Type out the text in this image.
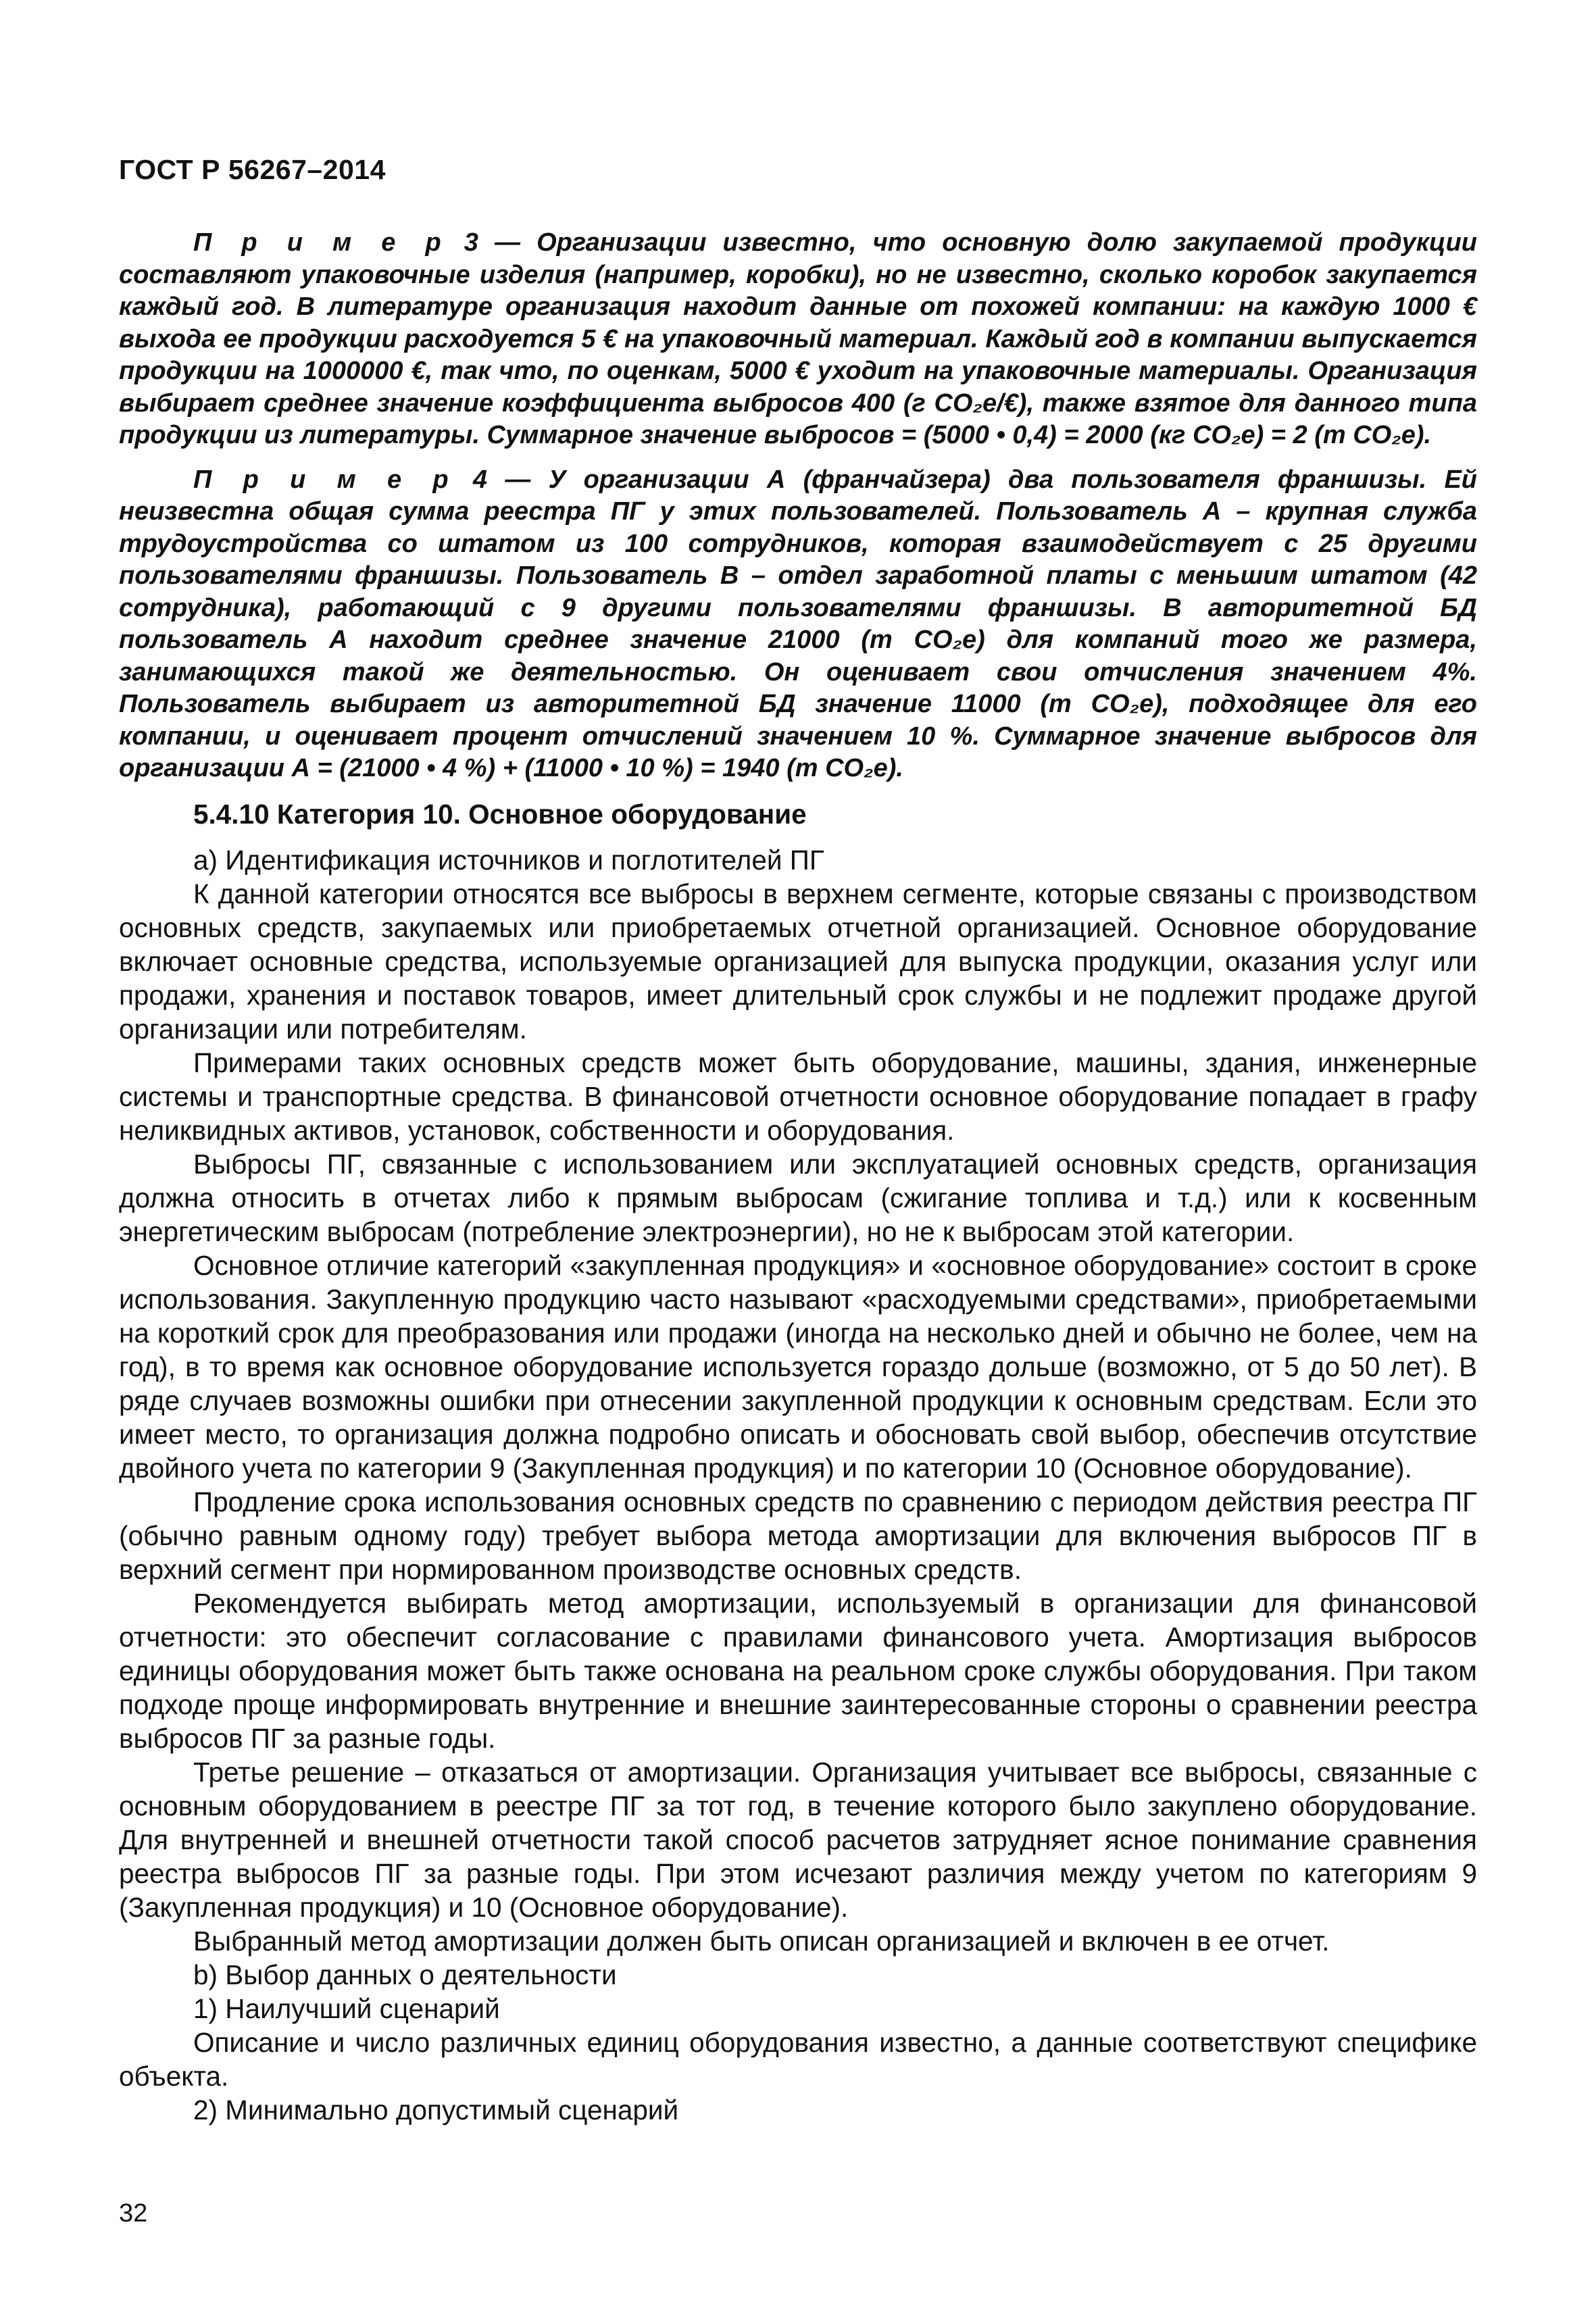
ГОСТ Р 56267–2014

П р и м е р 3 — Организации известно, что основную долю закупаемой продукции составляют упаковочные изделия (например, коробки), но не известно, сколько коробок закупается каждый год. В литературе организация находит данные от похожей компании: на каждую 1000 € выхода ее продукции расходуется 5 € на упаковочный материал. Каждый год в компании выпускается продукции на 1000000 €, так что, по оценкам, 5000 € уходит на упаковочные материалы. Организация выбирает среднее значение коэффициента выбросов 400 (г CO₂е/€), также взятое для данного типа продукции из литературы. Суммарное значение выбросов = (5000 • 0,4) = 2000 (кг CO₂е) = 2 (т CO₂е).

П р и м е р 4 — У организации А (франчайзера) два пользователя франшизы. Ей неизвестна общая сумма реестра ПГ у этих пользователей. Пользователь А – крупная служба трудоустройства со штатом из 100 сотрудников, которая взаимодействует с 25 другими пользователями франшизы. Пользователь В – отдел заработной платы с меньшим штатом (42 сотрудника), работающий с 9 другими пользователями франшизы. В авторитетной БД пользователь А находит среднее значение 21000 (т CO₂е) для компаний того же размера, занимающихся такой же деятельностью. Он оценивает свои отчисления значением 4%. Пользователь выбирает из авторитетной БД значение 11000 (т CO₂е), подходящее для его компании, и оценивает процент отчислений значением 10 %. Суммарное значение выбросов для организации А = (21000 • 4 %) + (11000 • 10 %) = 1940 (т CO₂е).

5.4.10 Категория 10. Основное оборудование

а) Идентификация источников и поглотителей ПГ

К данной категории относятся все выбросы в верхнем сегменте, которые связаны с производством основных средств, закупаемых или приобретаемых отчетной организацией. Основное оборудование включает основные средства, используемые организацией для выпуска продукции, оказания услуг или продажи, хранения и поставок товаров, имеет длительный срок службы и не подлежит продаже другой организации или потребителям.

Примерами таких основных средств может быть оборудование, машины, здания, инженерные системы и транспортные средства. В финансовой отчетности основное оборудование попадает в графу неликвидных активов, установок, собственности и оборудования.

Выбросы ПГ, связанные с использованием или эксплуатацией основных средств, организация должна относить в отчетах либо к прямым выбросам (сжигание топлива и т.д.) или к косвенным энергетическим выбросам (потребление электроэнергии), но не к выбросам этой категории.

Основное отличие категорий «закупленная продукция» и «основное оборудование» состоит в сроке использования. Закупленную продукцию часто называют «расходуемыми средствами», приобретаемыми на короткий срок для преобразования или продажи (иногда на несколько дней и обычно не более, чем на год), в то время как основное оборудование используется гораздо дольше (возможно, от 5 до 50 лет). В ряде случаев возможны ошибки при отнесении закупленной продукции к основным средствам. Если это имеет место, то организация должна подробно описать и обосновать свой выбор, обеспечив отсутствие двойного учета по категории 9 (Закупленная продукция) и по категории 10 (Основное оборудование).

Продление срока использования основных средств по сравнению с периодом действия реестра ПГ (обычно равным одному году) требует выбора метода амортизации для включения выбросов ПГ в верхний сегмент при нормированном производстве основных средств.

Рекомендуется выбирать метод амортизации, используемый в организации для финансовой отчетности: это обеспечит согласование с правилами финансового учета. Амортизация выбросов единицы оборудования может быть также основана на реальном сроке службы оборудования. При таком подходе проще информировать внутренние и внешние заинтересованные стороны о сравнении реестра выбросов ПГ за разные годы.

Третье решение – отказаться от амортизации. Организация учитывает все выбросы, связанные с основным оборудованием в реестре ПГ за тот год, в течение которого было закуплено оборудование. Для внутренней и внешней отчетности такой способ расчетов затрудняет ясное понимание сравнения реестра выбросов ПГ за разные годы. При этом исчезают различия между учетом по категориям 9 (Закупленная продукция) и 10 (Основное оборудование).

Выбранный метод амортизации должен быть описан организацией и включен в ее отчет.

b) Выбор данных о деятельности

1) Наилучший сценарий

Описание и число различных единиц оборудования известно, а данные соответствуют специфике объекта.

2) Минимально допустимый сценарий

32
